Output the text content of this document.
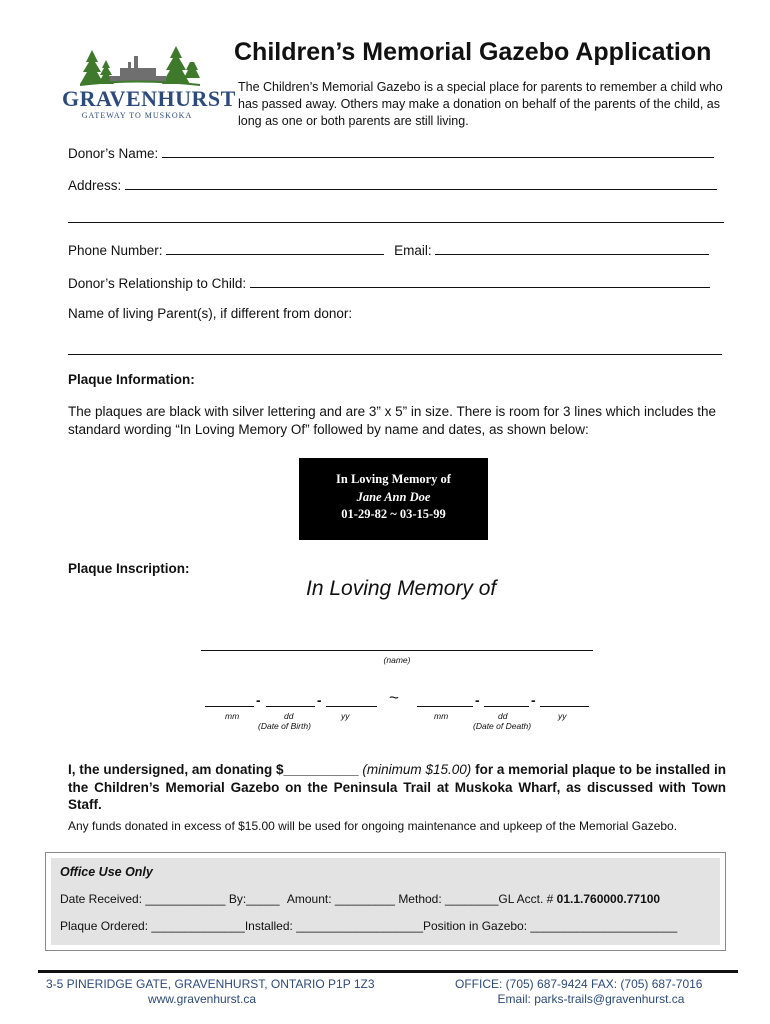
GRAVENHURST
GATEWAY TO MUSKOKA
Children’s Memorial Gazebo Application
The Children’s Memorial Gazebo is a special place for parents to remember a child who has passed away. Others may make a donation on behalf of the parents of the child, as long as one or both parents are still living.
Donor’s Name:
Address:
Phone Number:	Email:
Donor’s Relationship to Child:
Name of living Parent(s), if different from donor:
Plaque Information:
The plaques are black with silver lettering and are 3” x 5” in size. There is room for 3 lines which includes the standard wording “In Loving Memory Of” followed by name and dates, as shown below:
In Loving Memory of
Jane Ann Doe
01-29-82 ~ 03-15-99
Plaque Inscription:
In Loving Memory of
(name)
-	-	~	-	-
mm	dd	yy
(Date of Birth)
mm	dd	yy
(Date of Death)
I, the undersigned, am donating $__________ (minimum $15.00) for a memorial plaque to be installed in the Children’s Memorial Gazebo on the Peninsula Trail at Muskoka Wharf, as discussed with Town Staff.
Any funds donated in excess of $15.00 will be used for ongoing maintenance and upkeep of the Memorial Gazebo.
Office Use Only
Date Received: ____________ By:_____ Amount: _________ Method: ________GL Acct. # 01.1.760000.77100
Plaque Ordered: ______________Installed: ___________________Position in Gazebo: ______________________
3-5 PINERIDGE GATE, GRAVENHURST, ONTARIO P1P 1Z3
www.gravenhurst.ca
OFFICE: (705) 687-9424 FAX: (705) 687-7016
Email: parks-trails@gravenhurst.ca
